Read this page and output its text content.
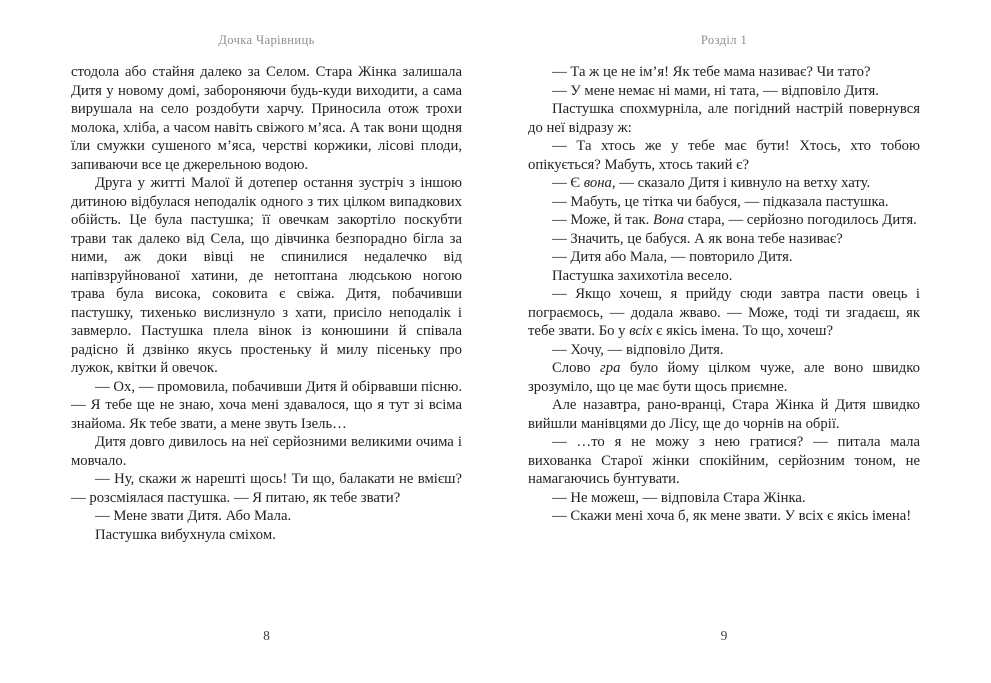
Дочка Чарівниць

стодола або стайня далеко за Селом. Стара Жінка залишала Дитя у новому домі, забороняючи будь-куди виходити, а сама вирушала на село роздобути харчу. Приносила отож трохи молока, хліба, а часом навіть свіжого м’яса. А так вони щодня їли смужки сушеного м’яса, черстві коржики, лісові плоди, запиваючи все це джерельною водою.

Друга у житті Малої й дотепер остання зустріч з іншою дитиною відбулася неподалік одного з тих цілком випадкових обійсть. Це була пастушка; її овечкам закортіло поскубти трави так далеко від Села, що дівчинка безпорадно бігла за ними, аж доки вівці не спинилися недалечко від напівзруйнованої хатини, де нетоптана людською ногою трава була висока, соковита є свіжа. Дитя, побачивши пастушку, тихенько вислизнуло з хати, присіло неподалік і завмерло. Пастушка плела вінок із конюшини й співала радісно й дзвінко якусь простеньку й милу пісеньку про лужок, квітки й овечок.

— Ох, — промовила, побачивши Дитя й обірвавши пісню. — Я тебе ще не знаю, хоча мені здавалося, що я тут зі всіма знайома. Як тебе звати, а мене звуть Ізель…

Дитя довго дивилось на неї серйозними великими очима і мовчало.

— Ну, скажи ж нарешті щось! Ти що, балакати не вмієш? — розсміялася пастушка. — Я питаю, як тебе звати?

— Мене звати Дитя. Або Мала.

Пастушка вибухнула сміхом.

8
Розділ 1

— Та ж це не ім’я! Як тебе мама називає? Чи тато?

— У мене немає ні мами, ні тата, — відповіло Дитя.

Пастушка спохмурніла, але погідний настрій повернувся до неї відразу ж:

— Та хтось же у тебе має бути! Хтось, хто тобою опікується? Мабуть, хтось такий є?

— Є вона, — сказало Дитя і кивнуло на ветху хату.

— Мабуть, це тітка чи бабуся, — підказала пастушка.

— Може, й так. Вона стара, — серйозно погодилось Дитя.

— Значить, це бабуся. А як вона тебе називає?

— Дитя або Мала, — повторило Дитя.

Пастушка захихотіла весело.

— Якщо хочеш, я прийду сюди завтра пасти овець і пограємось, — додала жваво. — Може, тоді ти згадаєш, як тебе звати. Бо у всіх є якісь імена. То що, хочеш?

— Хочу, — відповіло Дитя.

Слово гра було йому цілком чуже, але воно швидко зрозуміло, що це має бути щось приємне.

Але назавтра, рано-вранці, Стара Жінка й Дитя швидко вийшли манівцями до Лісу, ще до чорнів на обрії.

— …то я не можу з нею гратися? — питала мала вихованка Старої жінки спокійним, серйозним тоном, не намагаючись бунтувати.

— Не можеш, — відповіла Стара Жінка.

— Скажи мені хоча б, як мене звати. У всіх є якісь імена!

9
